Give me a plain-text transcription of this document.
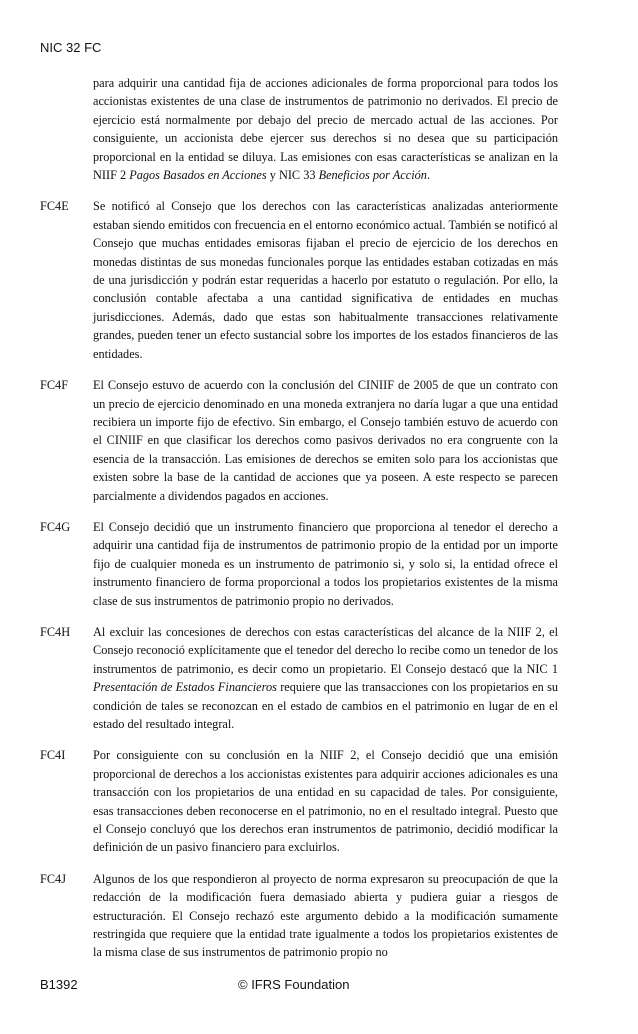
NIC 32 FC
para adquirir una cantidad fija de acciones adicionales de forma proporcional para todos los accionistas existentes de una clase de instrumentos de patrimonio no derivados. El precio de ejercicio está normalmente por debajo del precio de mercado actual de las acciones. Por consiguiente, un accionista debe ejercer sus derechos si no desea que su participación proporcional en la entidad se diluya. Las emisiones con esas características se analizan en la NIIF 2 Pagos Basados en Acciones y NIC 33 Beneficios por Acción.
FC4E	Se notificó al Consejo que los derechos con las características analizadas anteriormente estaban siendo emitidos con frecuencia en el entorno económico actual. También se notificó al Consejo que muchas entidades emisoras fijaban el precio de ejercicio de los derechos en monedas distintas de sus monedas funcionales porque las entidades estaban cotizadas en más de una jurisdicción y podrán estar requeridas a hacerlo por estatuto o regulación. Por ello, la conclusión contable afectaba a una cantidad significativa de entidades en muchas jurisdicciones. Además, dado que estas son habitualmente transacciones relativamente grandes, pueden tener un efecto sustancial sobre los importes de los estados financieros de las entidades.
FC4F	El Consejo estuvo de acuerdo con la conclusión del CINIIF de 2005 de que un contrato con un precio de ejercicio denominado en una moneda extranjera no daría lugar a que una entidad recibiera un importe fijo de efectivo. Sin embargo, el Consejo también estuvo de acuerdo con el CINIIF en que clasificar los derechos como pasivos derivados no era congruente con la esencia de la transacción. Las emisiones de derechos se emiten solo para los accionistas que existen sobre la base de la cantidad de acciones que ya poseen. A este respecto se parecen parcialmente a dividendos pagados en acciones.
FC4G	El Consejo decidió que un instrumento financiero que proporciona al tenedor el derecho a adquirir una cantidad fija de instrumentos de patrimonio propio de la entidad por un importe fijo de cualquier moneda es un instrumento de patrimonio si, y solo si, la entidad ofrece el instrumento financiero de forma proporcional a todos los propietarios existentes de la misma clase de sus instrumentos de patrimonio propio no derivados.
FC4H	Al excluir las concesiones de derechos con estas características del alcance de la NIIF 2, el Consejo reconoció explícitamente que el tenedor del derecho lo recibe como un tenedor de los instrumentos de patrimonio, es decir como un propietario. El Consejo destacó que la NIC 1 Presentación de Estados Financieros requiere que las transacciones con los propietarios en su condición de tales se reconozcan en el estado de cambios en el patrimonio en lugar de en el estado del resultado integral.
FC4I	Por consiguiente con su conclusión en la NIIF 2, el Consejo decidió que una emisión proporcional de derechos a los accionistas existentes para adquirir acciones adicionales es una transacción con los propietarios de una entidad en su capacidad de tales. Por consiguiente, esas transacciones deben reconocerse en el patrimonio, no en el resultado integral. Puesto que el Consejo concluyó que los derechos eran instrumentos de patrimonio, decidió modificar la definición de un pasivo financiero para excluirlos.
FC4J	Algunos de los que respondieron al proyecto de norma expresaron su preocupación de que la redacción de la modificación fuera demasiado abierta y pudiera guiar a riesgos de estructuración. El Consejo rechazó este argumento debido a la modificación sumamente restringida que requiere que la entidad trate igualmente a todos los propietarios existentes de la misma clase de sus instrumentos de patrimonio propio no
B1392	© IFRS Foundation
